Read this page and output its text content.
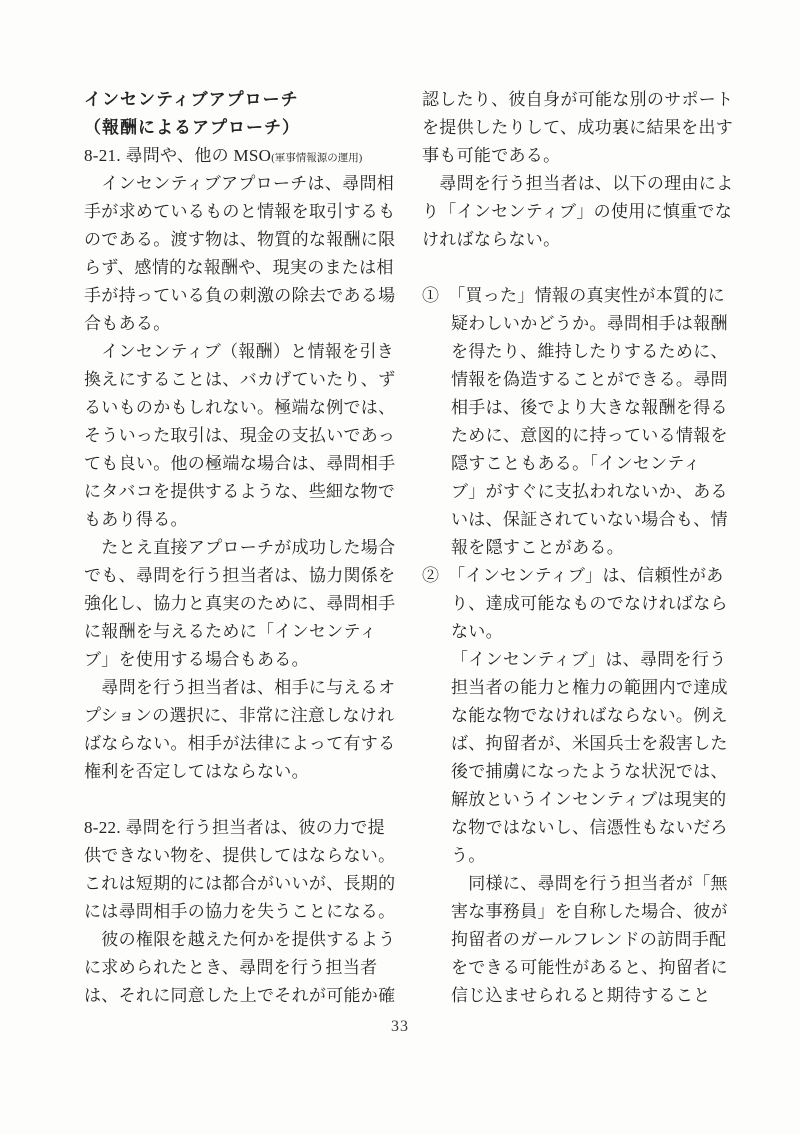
インセンティブアプローチ
（報酬によるアプローチ）
8-21. 尋問や、他の MSO(軍事情報源の運用)
　インセンティブアプローチは、尋問相
手が求めているものと情報を取引するも
のである。渡す物は、物質的な報酬に限
らず、感情的な報酬や、現実のまたは相
手が持っている負の刺激の除去である場
合もある。
　インセンティブ（報酬）と情報を引き
換えにすることは、バカげていたり、ず
るいものかもしれない。極端な例では、
そういった取引は、現金の支払いであっ
ても良い。他の極端な場合は、尋問相手
にタバコを提供するような、些細な物で
もあり得る。
　たとえ直接アプローチが成功した場合
でも、尋問を行う担当者は、協力関係を
強化し、協力と真実のために、尋問相手
に報酬を与えるために「インセンティ
ブ」を使用する場合もある。
　尋問を行う担当者は、相手に与えるオ
プションの選択に、非常に注意しなけれ
ばならない。相手が法律によって有する
権利を否定してはならない。
8-22. 尋問を行う担当者は、彼の力で提
供できない物を、提供してはならない。
これは短期的には都合がいいが、長期的
には尋問相手の協力を失うことになる。
　彼の権限を越えた何かを提供するよう
に求められたとき、尋問を行う担当者
は、それに同意した上でそれが可能か確
認したり、彼自身が可能な別のサポート
を提供したりして、成功裏に結果を出す
事も可能である。
　尋問を行う担当者は、以下の理由によ
り「インセンティブ」の使用に慎重でな
ければならない。
①　「買った」情報の真実性が本質的に
疑わしいかどうか。尋問相手は報酬
を得たり、維持したりするために、
情報を偽造することができる。尋問
相手は、後でより大きな報酬を得る
ために、意図的に持っている情報を
隠すこともある。「インセンティ
ブ」がすぐに支払われないか、ある
いは、保証されていない場合も、情
報を隠すことがある。
②　「インセンティブ」は、信頼性があ
り、達成可能なものでなければなら
ない。
「インセンティブ」は、尋問を行う
担当者の能力と権力の範囲内で達成
な能な物でなければならない。例え
ば、拘留者が、米国兵士を殺害した
後で捕虜になったような状況では、
解放というインセンティブは現実的
な物ではないし、信憑性もないだろ
う。
　同様に、尋問を行う担当者が「無
害な事務員」を自称した場合、彼が
拘留者のガールフレンドの訪問手配
をできる可能性があると、拘留者に
信じ込ませられると期待すること
33
